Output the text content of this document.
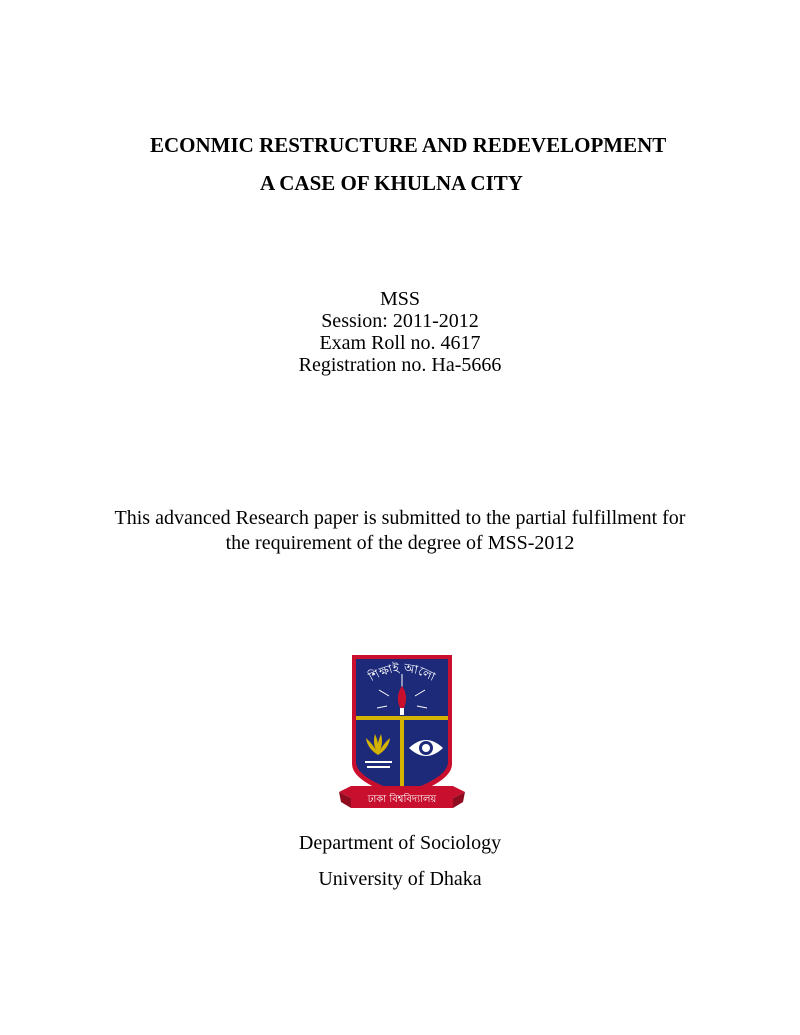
ECONMIC RESTRUCTURE AND REDEVELOPMENT
A CASE OF KHULNA CITY
MSS
Session: 2011-2012
Exam Roll no. 4617
Registration no. Ha-5666
This advanced Research paper is submitted to the partial fulfillment for
the requirement of the degree of MSS-2012
শিক্ষাই আলো
ঢাকা বিশ্ববিদ্যালয়
Department of Sociology
University of Dhaka
